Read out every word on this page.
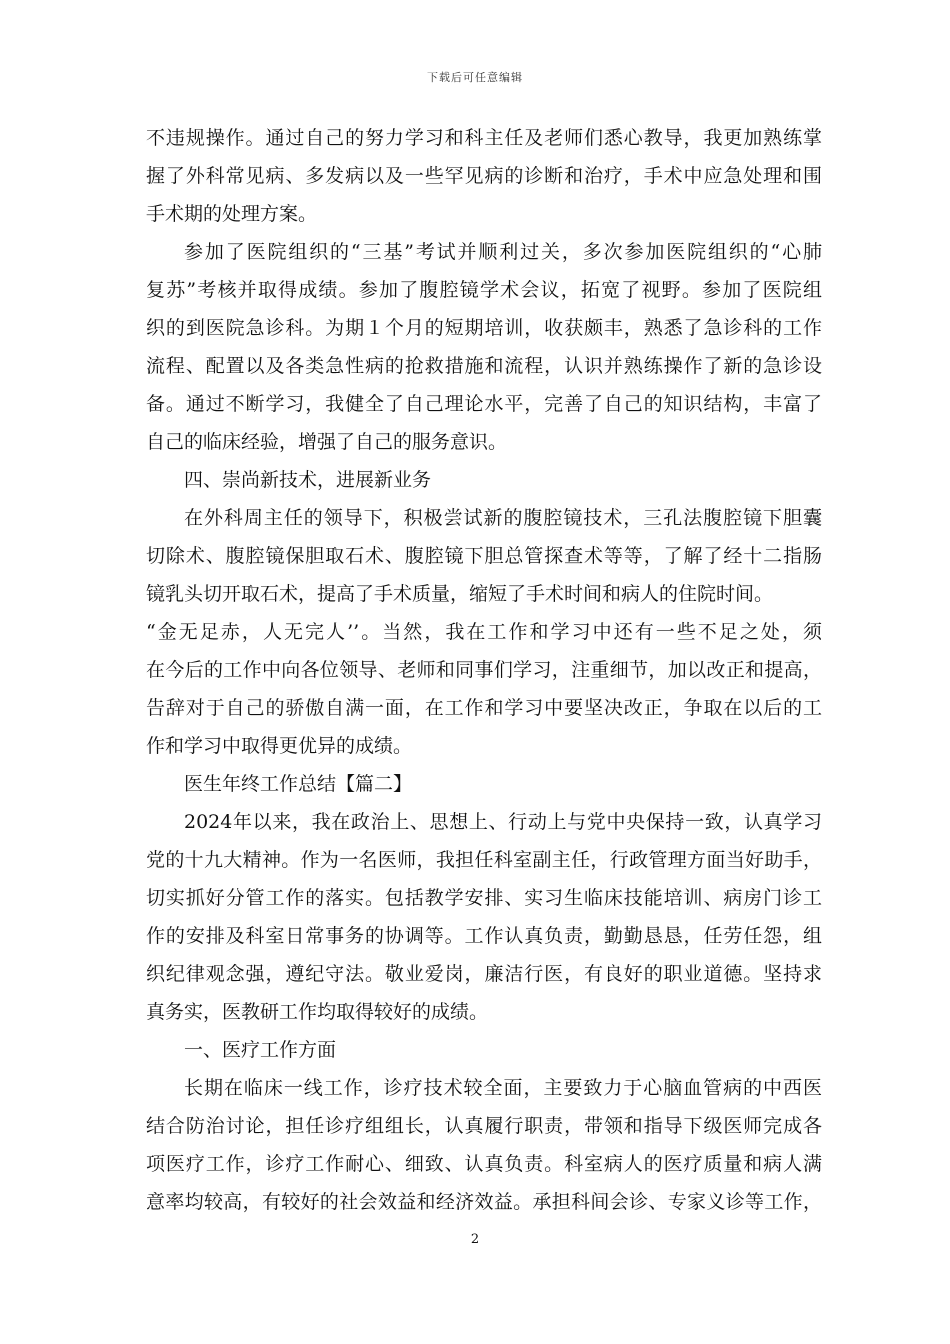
下载后可任意编辑
不违规操作。通过自己的努力学习和科主任及老师们悉心教导，我更加熟练掌
握了外科常见病、多发病以及一些罕见病的诊断和治疗，手术中应急处理和围
手术期的处理方案。
参加了医院组织的“三基”考试并顺利过关，多次参加医院组织的“心肺
复苏”考核并取得成绩。参加了腹腔镜学术会议，拓宽了视野。参加了医院组
织的到医院急诊科。为期１个月的短期培训，收获颇丰，熟悉了急诊科的工作
流程、配置以及各类急性病的抢救措施和流程，认识并熟练操作了新的急诊设
备。通过不断学习，我健全了自己理论水平，完善了自己的知识结构，丰富了
自己的临床经验，增强了自己的服务意识。
四、崇尚新技术，进展新业务
在外科周主任的领导下，积极尝试新的腹腔镜技术，三孔法腹腔镜下胆囊
切除术、腹腔镜保胆取石术、腹腔镜下胆总管探查术等等，了解了经十二指肠
镜乳头切开取石术，提高了手术质量，缩短了手术时间和病人的住院时间。
“金无足赤，人无完人’’。当然，我在工作和学习中还有一些不足之处，须
在今后的工作中向各位领导、老师和同事们学习，注重细节，加以改正和提高，
告辞对于自己的骄傲自满一面，在工作和学习中要坚决改正，争取在以后的工
作和学习中取得更优异的成绩。
医生年终工作总结【篇二】
2024年以来，我在政治上、思想上、行动上与党中央保持一致，认真学习
党的十九大精神。作为一名医师，我担任科室副主任，行政管理方面当好助手，
切实抓好分管工作的落实。包括教学安排、实习生临床技能培训、病房门诊工
作的安排及科室日常事务的协调等。工作认真负责，勤勤恳恳，任劳任怨，组
织纪律观念强，遵纪守法。敬业爱岗，廉洁行医，有良好的职业道德。坚持求
真务实，医教研工作均取得较好的成绩。
一、医疗工作方面
长期在临床一线工作，诊疗技术较全面，主要致力于心脑血管病的中西医
结合防治讨论，担任诊疗组组长，认真履行职责，带领和指导下级医师完成各
项医疗工作，诊疗工作耐心、细致、认真负责。科室病人的医疗质量和病人满
意率均较高，有较好的社会效益和经济效益。承担科间会诊、专家义诊等工作，
2
